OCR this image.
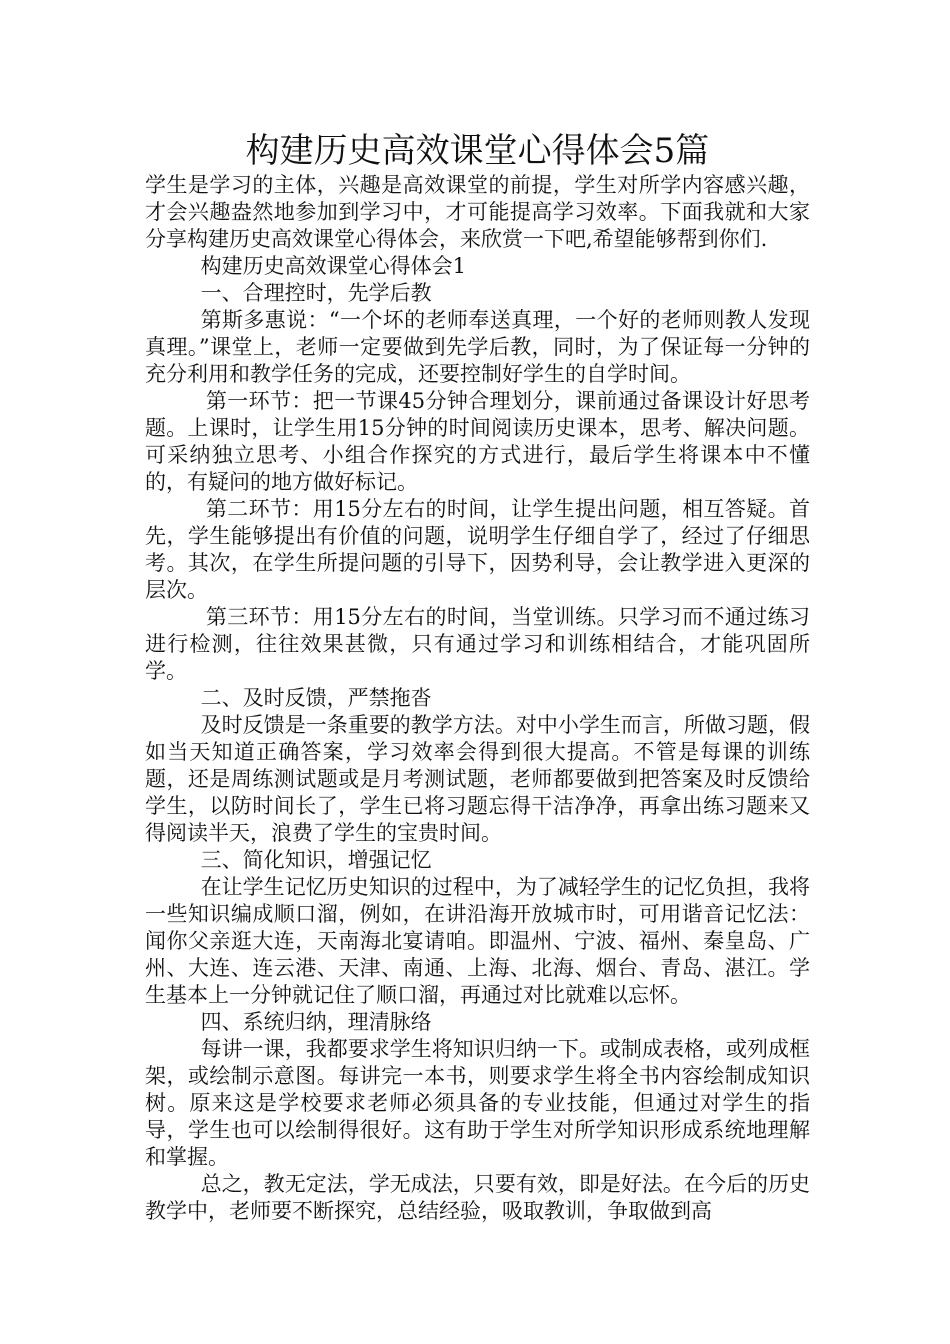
构建历史高效课堂心得体会5篇

学生是学习的主体，兴趣是高效课堂的前提，学生对所学内容感兴趣，才会兴趣盎然地参加到学习中，才可能提高学习效率。下面我就和大家分享构建历史高效课堂心得体会，来欣赏一下吧,希望能够帮到你们.

构建历史高效课堂心得体会1

一、合理控时，先学后教

第斯多惠说：“一个坏的老师奉送真理，一个好的老师则教人发现真理。”课堂上，老师一定要做到先学后教，同时，为了保证每一分钟的充分利用和教学任务的完成，还要控制好学生的自学时间。

第一环节：把一节课45分钟合理划分，课前通过备课设计好思考题。上课时，让学生用15分钟的时间阅读历史课本，思考、解决问题。可采纳独立思考、小组合作探究的方式进行，最后学生将课本中不懂的，有疑问的地方做好标记。

第二环节：用15分左右的时间，让学生提出问题，相互答疑。首先，学生能够提出有价值的问题，说明学生仔细自学了，经过了仔细思考。其次，在学生所提问题的引导下，因势利导，会让教学进入更深的层次。

第三环节：用15分左右的时间，当堂训练。只学习而不通过练习进行检测，往往效果甚微，只有通过学习和训练相结合，才能巩固所学。

二、及时反馈，严禁拖沓

及时反馈是一条重要的教学方法。对中小学生而言，所做习题，假如当天知道正确答案，学习效率会得到很大提高。不管是每课的训练题，还是周练测试题或是月考测试题，老师都要做到把答案及时反馈给学生，以防时间长了，学生已将习题忘得干洁净净，再拿出练习题来又得阅读半天，浪费了学生的宝贵时间。

三、简化知识，增强记忆

在让学生记忆历史知识的过程中，为了减轻学生的记忆负担，我将一些知识编成顺口溜，例如，在讲沿海开放城市时，可用谐音记忆法：闻你父亲逛大连，天南海北宴请咱。即温州、宁波、福州、秦皇岛、广州、大连、连云港、天津、南通、上海、北海、烟台、青岛、湛江。学生基本上一分钟就记住了顺口溜，再通过对比就难以忘怀。

四、系统归纳，理清脉络

每讲一课，我都要求学生将知识归纳一下。或制成表格，或列成框架，或绘制示意图。每讲完一本书，则要求学生将全书内容绘制成知识树。原来这是学校要求老师必须具备的专业技能，但通过对学生的指导，学生也可以绘制得很好。这有助于学生对所学知识形成系统地理解和掌握。

总之，教无定法，学无成法，只要有效，即是好法。在今后的历史教学中，老师要不断探究，总结经验，吸取教训，争取做到高
